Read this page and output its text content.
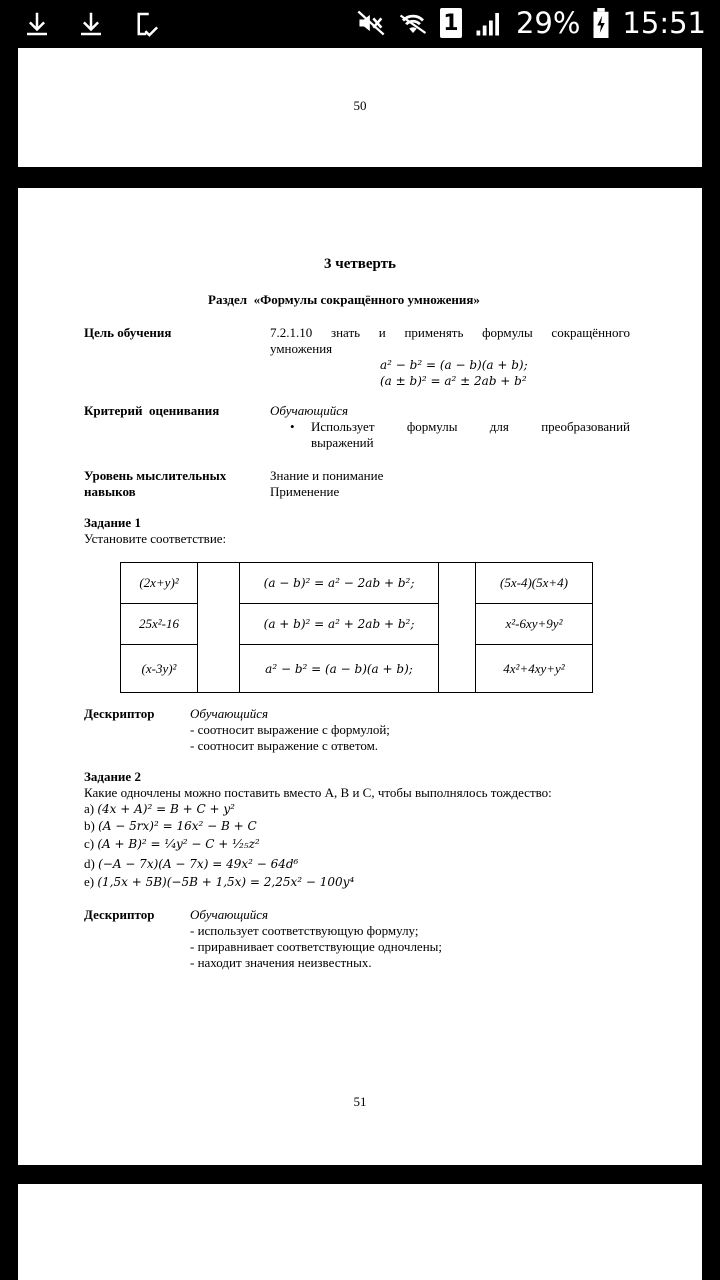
1 29% 15:51
50
3 четверть
Раздел  «Формулы сокращённого умножения»
Цель обучения	7.2.1.10 знать и применять формулы сокращённого
умножения
a² − b² = (a − b)(a + b);
(a ± b)² = a² ± 2ab + b²
Критерий  оценивания	Обучающийся
• Использует формулы для преобразований
выражений
Уровень мыслительных
навыков
Знание и понимание
Применение
Задание 1
Установите соответствие:
(2x+y)²		(a − b)² = a² − 2ab + b²;		(5x-4)(5x+4)
25x²-16		(a + b)² = a² + 2ab + b²;		x²-6xy+9y²
(x-3y)²		a² − b² = (a − b)(a + b);		4x²+4xy+y²
Дескриптор	Обучающийся
- соотносит выражение с формулой;
- соотносит выражение с ответом.
Задание 2
Какие одночлены можно поставить вместо A, B и C, чтобы выполнялось тождество:
a) (4x + A)² = B + C + y²
b) (A − 5rx)² = 16x² − B + C
c) (A + B)² = ¹⁄₄y² − C + ¹⁄₂₅z²
d) (−A − 7x)(A − 7x) = 49x² − 64d⁶
e) (1,5x + 5B)(−5B + 1,5x) = 2,25x² − 100y⁴
Дескриптор	Обучающийся
- использует соответствующую формулу;
- приравнивает соответствующие одночлены;
- находит значения неизвестных.
51
